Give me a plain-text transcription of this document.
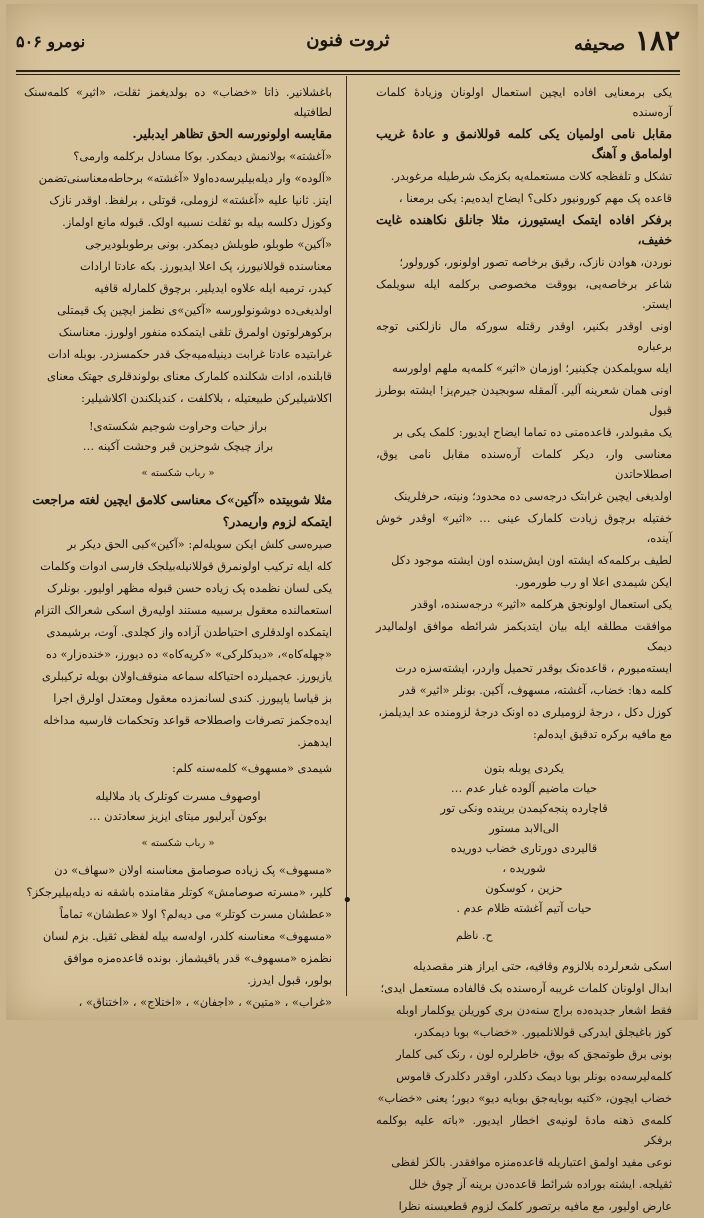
۱۸۲ صحیفه
ثروت فنون
نومرو ۵۰۶

یکی برمعنایی افاده ایچین استعمال اولونان وزیادهٔ کلمات آره‌سنده

مقابل نامی اولمیان یکی کلمه قوللانمق و عادۀ غریب اولمامق و آهنگ

تشکل و تلفظجه کلات مستعمله‌یه بکزمک شرطیله مرغوبدر.

قاعده پک مهم کورونیور دکلی؟ ایضاح ایده‌یم: یکی برمعنا ،

برفکر افاده ایتمک ایستیورز، مثلا جانلق نکاهنده غایت خفیف،

نوردن، هوادن نازک، رقیق برخاصه تصور اولونور، کورولور؛

شاعر برخاصه‌یی، بووقت مخصوصی برکلمه ایله سویلمک ایستر.

اونی اوقدر بکنیر، اوقدر رقتله سورکه مال نازلکنی توجه برعباره

ایله سویلمکدن چکینیر؛ اوزمان «اثیر» کلمه‌یه ملهم اولورسه

اونی همان شعرینه آلیر. آلمقله سوبجیدن جیرم‌یز! ایشته بوطرز قبول

یک مقبولدر، قاعده‌منی ده تماما ایضاح ایدیور: کلمک یکی بر

معناسی وار، دیکر کلمات آره‌سنده مقابل نامی یوق، اصطلاحاتدن

اولدیغی ایچین غرابتک درجه‌سی ده محدود؛ ونیته، حرفلرینک

خفتیله برچوق زیادت کلمارک عینی … «اثیر» اوقدر خوش آینده،

لطیف برکلمه‌که ایشته اون ایش‌سنده اون ایشته موجود دکل

ایکن شیمدی اعلا او رب طورمور.

یکی استعمال اولونجق هرکلمه «اثیر» درجه‌سنده، اوقدر

موافقت مطلقه ایله بیان ایتدیکمز شرائطه موافق اولمالیدر دیمک

ایسته‌میورم ، قاعده‌نک بوقدر تحمیل واردر، ایشته‌سزه درت

کلمه دها: خضاب، آغشته، مسهوف، آکین. بونلر «اثیر» قدر

کوزل دکل ، درجهٔ لزومیلری ده اونک درجهٔ لزومنده عد ایدیلمز،

مع مافیه برکره تدقیق ایده‌لم:

یکردی یوبله بتون
حیات ماضیم آلوده غبار عدم …
قاچارده پنجه‌کیمدن برینده ونکی تور
الی‌الابد مستور
قالیردی دورتاری خضاب دوریده
شوریده ،
حزین ، کوسکون
حیات آتیم آغشته ظلام عدم .
ح. ناظم

اسکی شعرلرده بلالزوم وقافیه، حتی ایراز هنر مقصدیله

ابدال اولونان کلمات غریبه آره‌سنده بک قالفاده مستعمل ایدی؛

فقط اشعار جدیده‌ده براج سنه‌دن بری کوریلن یوکلمار اوبله

کوز باغیجلق ایدرکی قوللانلمیور. «خضاب» بوبا دیمکدر،

بونی برق طوتمجق که بوق، خاطرلره لون ، رنک کبی کلمار

کلمه‌لیرسه‌ده بونلر بوبا دیمک دکلدر، اوقدر دکلدرک قاموس

خضاب ایچون، «کتیه بوبایه‌جق بوبایه دیو» دیور؛ یعنی «خضاب»

کلمه‌ی ذهنه مادهٔ لونیه‌ی اخطار ایدیور. «باته علیه بوکلمه برفکر

نوعی مفید اولمق اعتباریله قاعده‌منزه موافقدر. بالکز لفظی

ثقیلجه. ایشته بوراده شرائط قاعده‌دن برینه آز چوق خلل

عارض اولیور، مع مافیه برتصور کلمک لزوم قطعیسنه نظرا

باغشلانیر. ذاتا «خضاب» ده بولدیغمز ثقلت، «اثیر» کلمه‌سنک لطافتیله

مقایسه اولونورسه الحق تظاهر ایدبلیر.

«آغشته» بولانمش دیمکدر. بوکا مسادل برکلمه وارمی؟

«آلوده» وار دیله‌بیلیرسه‌ده‌اولا «آغشته» برحاطه‌معناسنی‌تضمن

ایتز. ثانیا علیه «آغشته» لزوملی، قوتلی ، برلفظ. اوقدر نازک

وکوزل دکلسه بیله بو ثقلت نسبیه اولک. قبوله مانع اولماز.

«آکین» طوبلو، طوبلش دیمکدر. بونی برطوبلودیرجی

معناسنده قوللانیورز، پک اعلا ایدیورز. بکه عادتا ارادات

کیدر، ترمیه ایله علاوه ایدیلیر. برچوق کلمارله قافیه

اولدیغی‌ده دوشونولورسه «آکین»ی نظمز ایچین پک قیمتلی

برکوهرلوتون اولمرق تلقی ایتمکده منفور اولورز. معناسنک

غرابتیده عادتا غرابت دینیله‌میه‌جک قدر حکمسزدر. بوبله ادات

قابلنده، ادات شکلنده کلمارک معنای بولوندقلری جهتک معنای

اکلاشیلیرکن طبیعتیله ، بلاکلفت ، کندیلکندن اکلاشیلیر:

براز حیات وحراوت شوجیم شکسته‌ی!
براز چیچک شوحزین قبر وحشت آکینه …
« رباب شکسته »

مثلا شوبیتده «آکین»ک معناسی کلامق ایچین لغته مراجعت

ایتمکه لزوم واریمدر؟

صیره‌سی کلش ایکن سویله‌لم: «آکین»کبی الحق دیکر بر

کله ایله ترکیب اولونمرق قوللانیله‌بیلجک فارسی ادوات وکلمات

یکی لسان نظمده پک زیاده حسن قبوله مظهر اولیور. بونلرک

استعمالنده معقول برسبیه مستند اولیه‌رق اسکی شعرالک التزام

ایتمکده اولدقلری احتیاطدن آزاده واز کچلدی. آوت، برشیمدی

«چهله‌کاه»، «دیدکلرکی» «کریه‌کاه» ده دیورز، «خنده‌زار» ده

یازیورز. عجمیلرده احتیاکله سماعه منوقف‌اولان بویله ترکیبلری

بز قیاسا یاپیورز. کندی لسانمزده معقول ومعتدل اولرق اجرا

ایده‌جکمز تصرفات واصطلاحه قواعد وتحکمات فارسیه مداخله

ایدهمز.

شیمدی «مسهوف» کلمه‌سنه کلم:

اوصهوف مسرت کوتلرک یاد ملالیله
بوکون آیرلیور میتای ایزیز سعادتدن …
« رباب شکسته »

«مسهوف» پک زیاده صوصامق معناسنه اولان «سهاف» دن

کلیر، «مسرته صوصامش» کوتلر مقامنده باشقه نه دیله‌بیلیرجکز؟

«عطشان مسرت کوتلر» می دیه‌لم؟ اولا «عطشان» تماماً

«مسهوف» معناسنه کلدر، اوله‌سه بیله لفظی ثقیل. بزم لسان

نظمزه «مسهوف» قدر یاقیشماز. بونده قاعده‌مزه موافق

بولور، قبول ایدرز.

«غراب» ، «متین» ، «اجفان» ، «اختلاج» ، «اختناق» ،

•
